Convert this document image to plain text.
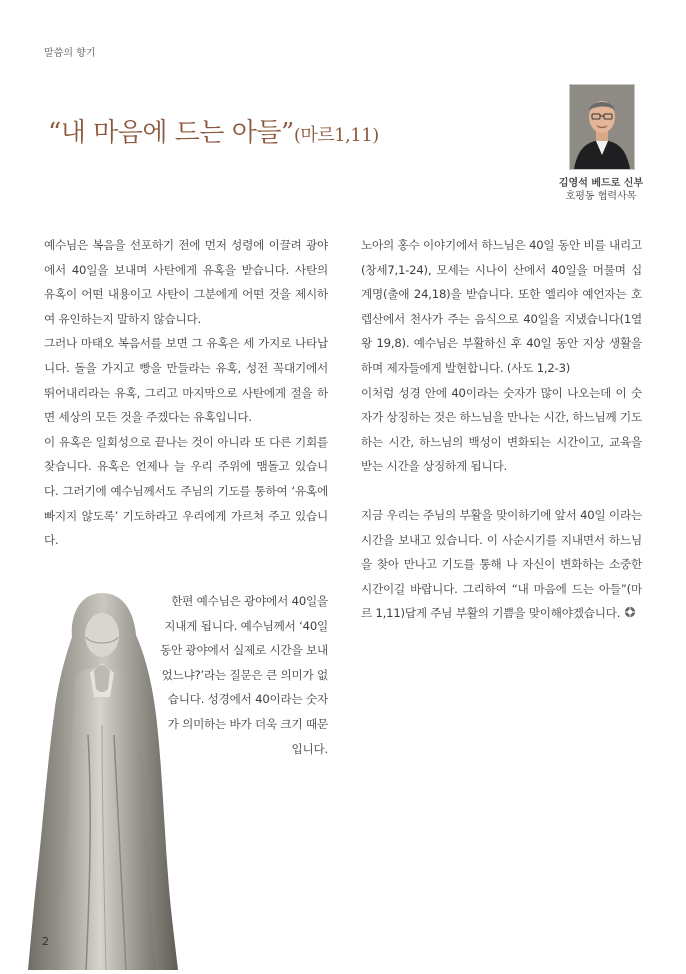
말씀의 향기
“내 마음에 드는 아들”(마르1,11)
김영석 베드로 신부
호평동 협력사목

예수님은 복음을 선포하기 전에 먼저 성령에 이끌려 광야에서 40일을 보내며 사탄에게 유혹을 받습니다. 사탄의 유혹이 어떤 내용이고 사탄이 그분에게 어떤 것을 제시하여 유인하는지 말하지 않습니다.

그러나 마태오 복음서를 보면 그 유혹은 세 가지로 나타납니다. 돌을 가지고 빵을 만들라는 유혹, 성전 꼭대기에서 뛰어내리라는 유혹, 그리고 마지막으로 사탄에게 절을 하면 세상의 모든 것을 주겠다는 유혹입니다.

이 유혹은 일회성으로 끝나는 것이 아니라 또 다른 기회를 찾습니다. 유혹은 언제나 늘 우리 주위에 맴돌고 있습니다. 그러기에 예수님께서도 주님의 기도를 통하여 ‘유혹에 빠지지 않도록’ 기도하라고 우리에게 가르쳐 주고 있습니다.

한편 예수님은 광야에서 40일을 지내게 됩니다. 예수님께서 ‘40일 동안 광야에서 실제로 시간을 보내었느냐?’라는 질문은 큰 의미가 없습니다. 성경에서 40이라는 숫자가 의미하는 바가 더욱 크기 때문입니다.

노아의 홍수 이야기에서 하느님은 40일 동안 비를 내리고(창세7,1-24), 모세는 시나이 산에서 40일을 머물며 십계명(출애 24,18)을 받습니다. 또한 엘리야 예언자는 호렙산에서 천사가 주는 음식으로 40일을 지냈습니다(1열왕 19,8). 예수님은 부활하신 후 40일 동안 지상 생활을 하며 제자들에게 발현합니다. (사도 1,2-3)

이처럼 성경 안에 40이라는 숫자가 많이 나오는데 이 숫자가 상징하는 것은 하느님을 만나는 시간, 하느님께 기도하는 시간, 하느님의 백성이 변화되는 시간이고, 교육을 받는 시간을 상징하게 됩니다.

지금 우리는 주님의 부활을 맞이하기에 앞서 40일 이라는 시간을 보내고 있습니다. 이 사순시기를 지내면서 하느님을 찾아 만나고 기도를 통해 나 자신이 변화하는 소중한 시간이길 바랍니다. 그리하여 “내 마음에 드는 아들”(마르 1,11)답게 주님 부활의 기쁨을 맞이해야겠습니다.

2
